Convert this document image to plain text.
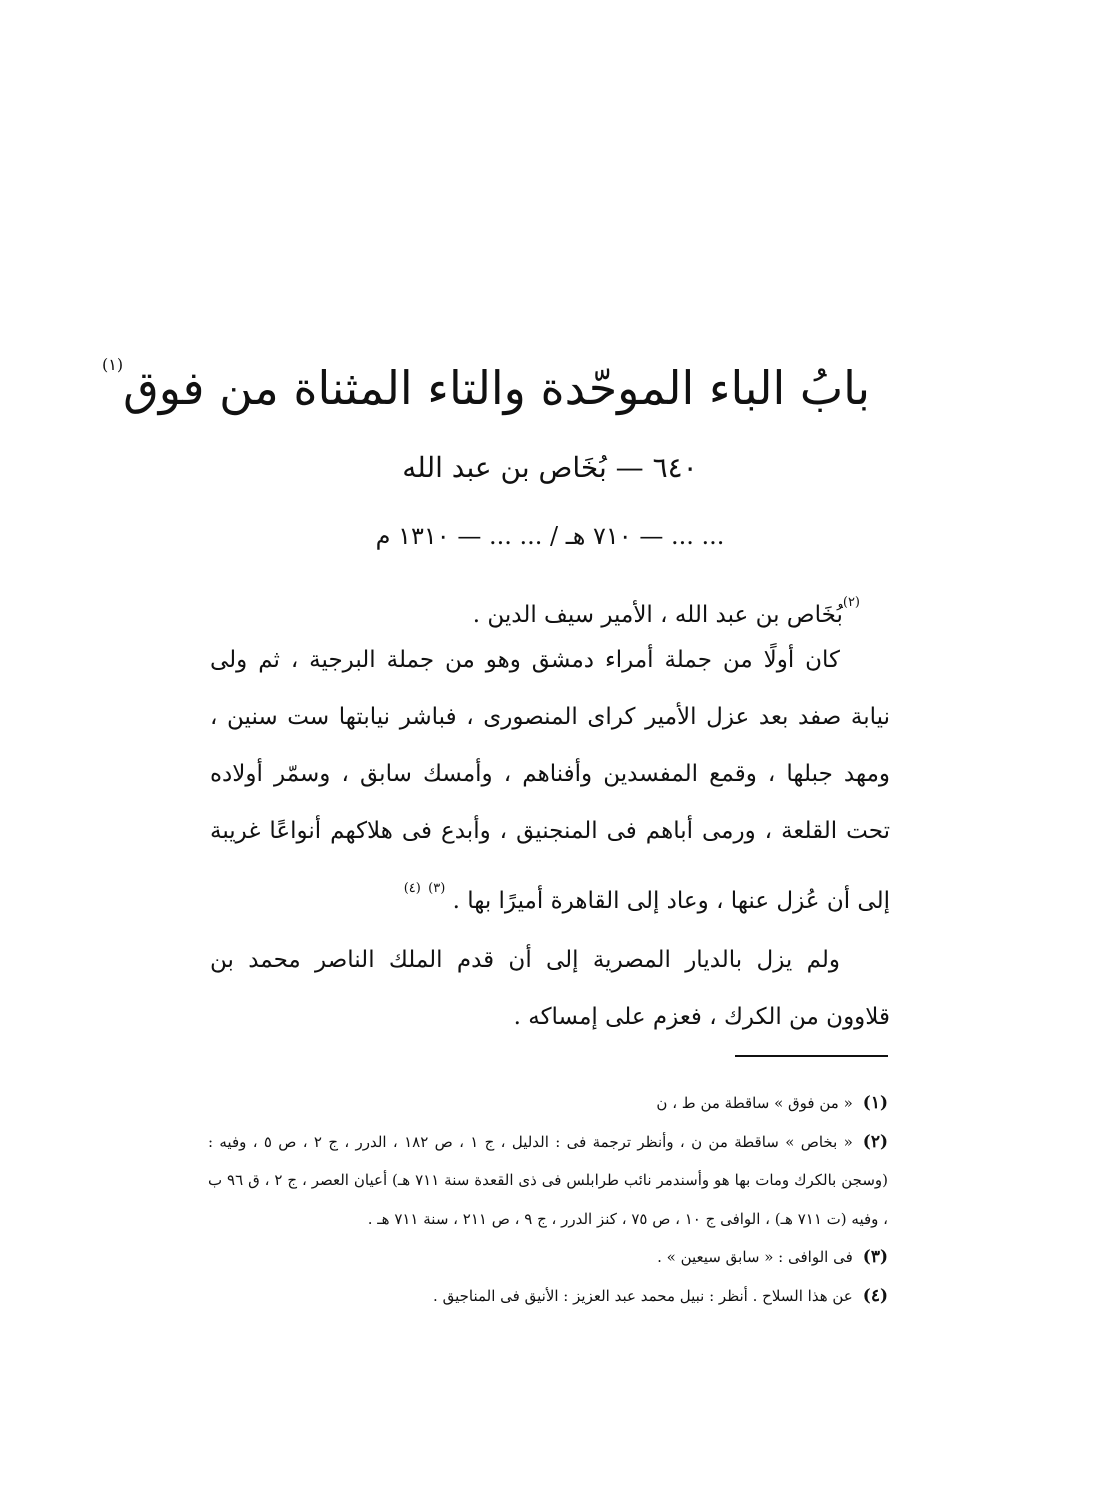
بابُ الباء الموحّدة والتاء المثناة من فوق$^{(١)}$
٦٤٠ — بُخَاص بن عبد الله
... ... — ٧١٠ هـ / ... ... — ١٣١٠ م
$^{(٢)}$بُخَاص بن عبد الله ، الأمير سيف الدين .
كان أولًا من جملة أمراء دمشق وهو من جملة البرجية ، ثم ولى نيابة صفد بعد عزل الأمير كراى المنصورى ، فباشر نيابتها ست سنين ، ومهد جبلها ، وقمع المفسدين وأفناهم ، وأمسك سابق ، وسمّر أولاده تحت القلعة ، ورمى أباهم فى المنجنيق ، وأبدع فى هلاكهم أنواعًا غريبة إلى أن عُزل عنها ، وعاد إلى القاهرة أميرًا بها . $^{(٣)}$ $^{(٤)}$
ولم يزل بالديار المصرية إلى أن قدم الملك الناصر محمد بن قلاوون من الكرك ، فعزم على إمساكه .

(١)« من فوق » ساقطة من ط ، ن

(٢)« بخاص » ساقطة من ن ، وأنظر ترجمة فى : الدليل ، ج ١ ، ص ١٨٢ ، الدرر ، ج ٢ ، ص ٥ ، وفيه : (وسجن بالكرك ومات بها هو وأسندمر نائب طرابلس فى ذى القعدة سنة ٧١١ هـ) أعيان العصر ، ج ٢ ، ق ٩٦ ب ، وفيه (ت ٧١١ هـ) ، الوافى ج ١٠ ، ص ٧٥ ، كنز الدرر ، ج ٩ ، ص ٢١١ ، سنة ٧١١ هـ .

(٣)فى الوافى : « سابق سيعين » .

(٤)عن هذا السلاح . أنظر : نبيل محمد عبد العزيز : الأنيق فى المناجيق .
